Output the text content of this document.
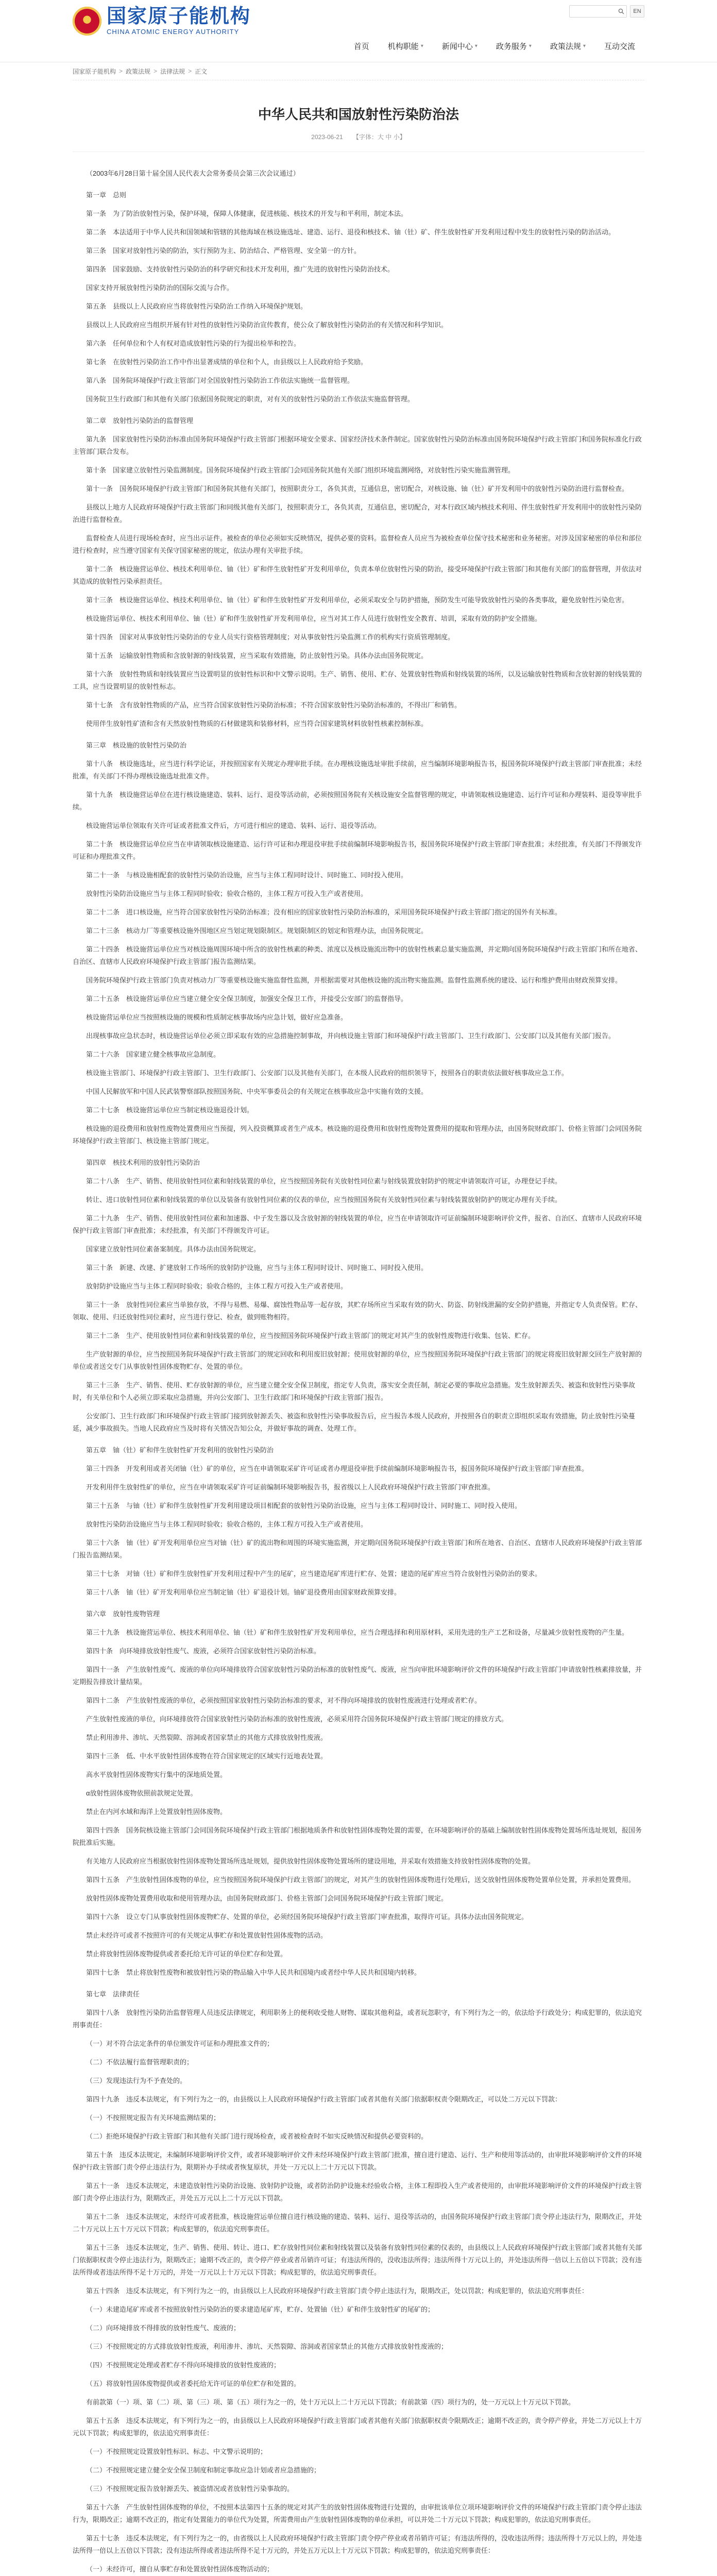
国家原子能机构
CHINA ATOMIC ENERGY AUTHORITY
EN
首页 机构职能 ▾ 新闻中心 ▾ 政务服务 ▾ 政策法规 ▾ 互动交流
国家原子能机构 > 政策法规 > 法律法规 > 正文
中华人民共和国放射性污染防治法
2023-06-21 【字体：大 中 小】

（2003年6月28日第十届全国人民代表大会常务委员会第三次会议通过）

第一章　总则

第一条　为了防治放射性污染，保护环境，保障人体健康，促进核能、核技术的开发与和平利用，制定本法。

第二条　本法适用于中华人民共和国领域和管辖的其他海域在核设施选址、建造、运行、退役和核技术、铀（钍）矿、伴生放射性矿开发利用过程中发生的放射性污染的防治活动。

第三条　国家对放射性污染的防治，实行预防为主、防治结合、严格管理、安全第一的方针。

第四条　国家鼓励、支持放射性污染防治的科学研究和技术开发利用，推广先进的放射性污染防治技术。

国家支持开展放射性污染防治的国际交流与合作。

第五条　县级以上人民政府应当将放射性污染防治工作纳入环境保护规划。

县级以上人民政府应当组织开展有针对性的放射性污染防治宣传教育，使公众了解放射性污染防治的有关情况和科学知识。

第六条　任何单位和个人有权对造成放射性污染的行为提出检举和控告。

第七条　在放射性污染防治工作中作出显著成绩的单位和个人，由县级以上人民政府给予奖励。

第八条　国务院环境保护行政主管部门对全国放射性污染防治工作依法实施统一监督管理。

国务院卫生行政部门和其他有关部门依据国务院规定的职责，对有关的放射性污染防治工作依法实施监督管理。

第二章　放射性污染防治的监督管理

第九条　国家放射性污染防治标准由国务院环境保护行政主管部门根据环境安全要求、国家经济技术条件制定。国家放射性污染防治标准由国务院环境保护行政主管部门和国务院标准化行政主管部门联合发布。

第十条　国家建立放射性污染监测制度。国务院环境保护行政主管部门会同国务院其他有关部门组织环境监测网络，对放射性污染实施监测管理。

第十一条　国务院环境保护行政主管部门和国务院其他有关部门，按照职责分工，各负其责，互通信息，密切配合，对核设施、铀（钍）矿开发利用中的放射性污染防治进行监督检查。

县级以上地方人民政府环境保护行政主管部门和同级其他有关部门，按照职责分工，各负其责，互通信息，密切配合，对本行政区域内核技术利用、伴生放射性矿开发利用中的放射性污染防治进行监督检查。

监督检查人员进行现场检查时，应当出示证件。被检查的单位必须如实反映情况，提供必要的资料。监督检查人员应当为被检查单位保守技术秘密和业务秘密。对涉及国家秘密的单位和部位进行检查时，应当遵守国家有关保守国家秘密的规定，依法办理有关审批手续。

第十二条　核设施营运单位、核技术利用单位、铀（钍）矿和伴生放射性矿开发利用单位，负责本单位放射性污染的防治，接受环境保护行政主管部门和其他有关部门的监督管理，并依法对其造成的放射性污染承担责任。

第十三条　核设施营运单位、核技术利用单位、铀（钍）矿和伴生放射性矿开发利用单位，必须采取安全与防护措施，预防发生可能导致放射性污染的各类事故，避免放射性污染危害。

核设施营运单位、核技术利用单位、铀（钍）矿和伴生放射性矿开发利用单位，应当对其工作人员进行放射性安全教育、培训，采取有效的防护安全措施。

第十四条　国家对从事放射性污染防治的专业人员实行资格管理制度；对从事放射性污染监测工作的机构实行资质管理制度。

第十五条　运输放射性物质和含放射源的射线装置，应当采取有效措施，防止放射性污染。具体办法由国务院规定。

第十六条　放射性物质和射线装置应当设置明显的放射性标识和中文警示说明。生产、销售、使用、贮存、处置放射性物质和射线装置的场所，以及运输放射性物质和含放射源的射线装置的工具，应当设置明显的放射性标志。

第十七条　含有放射性物质的产品，应当符合国家放射性污染防治标准；不符合国家放射性污染防治标准的，不得出厂和销售。

使用伴生放射性矿渣和含有天然放射性物质的石材做建筑和装修材料，应当符合国家建筑材料放射性核素控制标准。

第三章　核设施的放射性污染防治

第十八条　核设施选址，应当进行科学论证，并按照国家有关规定办理审批手续。在办理核设施选址审批手续前，应当编制环境影响报告书，报国务院环境保护行政主管部门审查批准；未经批准，有关部门不得办理核设施选址批准文件。

第十九条　核设施营运单位在进行核设施建造、装料、运行、退役等活动前，必须按照国务院有关核设施安全监督管理的规定，申请领取核设施建造、运行许可证和办理装料、退役等审批手续。

核设施营运单位领取有关许可证或者批准文件后，方可进行相应的建造、装料、运行、退役等活动。

第二十条　核设施营运单位应当在申请领取核设施建造、运行许可证和办理退役审批手续前编制环境影响报告书，报国务院环境保护行政主管部门审查批准；未经批准，有关部门不得颁发许可证和办理批准文件。

第二十一条　与核设施相配套的放射性污染防治设施，应当与主体工程同时设计、同时施工、同时投入使用。

放射性污染防治设施应当与主体工程同时验收；验收合格的，主体工程方可投入生产或者使用。

第二十二条　进口核设施，应当符合国家放射性污染防治标准；没有相应的国家放射性污染防治标准的，采用国务院环境保护行政主管部门指定的国外有关标准。

第二十三条　核动力厂等重要核设施外围地区应当划定规划限制区。规划限制区的划定和管理办法，由国务院规定。

第二十四条　核设施营运单位应当对核设施周围环境中所含的放射性核素的种类、浓度以及核设施流出物中的放射性核素总量实施监测，并定期向国务院环境保护行政主管部门和所在地省、自治区、直辖市人民政府环境保护行政主管部门报告监测结果。

国务院环境保护行政主管部门负责对核动力厂等重要核设施实施监督性监测，并根据需要对其他核设施的流出物实施监测。监督性监测系统的建设、运行和维护费用由财政预算安排。

第二十五条　核设施营运单位应当建立健全安全保卫制度，加强安全保卫工作，并接受公安部门的监督指导。

核设施营运单位应当按照核设施的规模和性质制定核事故场内应急计划，做好应急准备。

出现核事故应急状态时，核设施营运单位必须立即采取有效的应急措施控制事故，并向核设施主管部门和环境保护行政主管部门、卫生行政部门、公安部门以及其他有关部门报告。

第二十六条　国家建立健全核事故应急制度。

核设施主管部门、环境保护行政主管部门、卫生行政部门、公安部门以及其他有关部门，在本级人民政府的组织领导下，按照各自的职责依法做好核事故应急工作。

中国人民解放军和中国人民武装警察部队按照国务院、中央军事委员会的有关规定在核事故应急中实施有效的支援。

第二十七条　核设施营运单位应当制定核设施退役计划。

核设施的退役费用和放射性废物处置费用应当预提，列入投资概算或者生产成本。核设施的退役费用和放射性废物处置费用的提取和管理办法，由国务院财政部门、价格主管部门会同国务院环境保护行政主管部门、核设施主管部门规定。

第四章　核技术利用的放射性污染防治

第二十八条　生产、销售、使用放射性同位素和射线装置的单位，应当按照国务院有关放射性同位素与射线装置放射防护的规定申请领取许可证，办理登记手续。

转让、进口放射性同位素和射线装置的单位以及装备有放射性同位素的仪表的单位，应当按照国务院有关放射性同位素与射线装置放射防护的规定办理有关手续。

第二十九条　生产、销售、使用放射性同位素和加速器、中子发生器以及含放射源的射线装置的单位，应当在申请领取许可证前编制环境影响评价文件，报省、自治区、直辖市人民政府环境保护行政主管部门审查批准；未经批准，有关部门不得颁发许可证。

国家建立放射性同位素备案制度。具体办法由国务院规定。

第三十条　新建、改建、扩建放射工作场所的放射防护设施，应当与主体工程同时设计、同时施工、同时投入使用。

放射防护设施应当与主体工程同时验收；验收合格的，主体工程方可投入生产或者使用。

第三十一条　放射性同位素应当单独存放，不得与易燃、易爆、腐蚀性物品等一起存放，其贮存场所应当采取有效的防火、防盗、防射线泄漏的安全防护措施，并指定专人负责保管。贮存、领取、使用、归还放射性同位素时，应当进行登记、检查，做到账物相符。

第三十二条　生产、使用放射性同位素和射线装置的单位，应当按照国务院环境保护行政主管部门的规定对其产生的放射性废物进行收集、包装、贮存。

生产放射源的单位，应当按照国务院环境保护行政主管部门的规定回收和利用废旧放射源；使用放射源的单位，应当按照国务院环境保护行政主管部门的规定将废旧放射源交回生产放射源的单位或者送交专门从事放射性固体废物贮存、处置的单位。

第三十三条　生产、销售、使用、贮存放射源的单位，应当建立健全安全保卫制度，指定专人负责，落实安全责任制，制定必要的事故应急措施。发生放射源丢失、被盗和放射性污染事故时，有关单位和个人必须立即采取应急措施，并向公安部门、卫生行政部门和环境保护行政主管部门报告。

公安部门、卫生行政部门和环境保护行政主管部门接到放射源丢失、被盗和放射性污染事故报告后，应当报告本级人民政府，并按照各自的职责立即组织采取有效措施，防止放射性污染蔓延，减少事故损失。当地人民政府应当及时将有关情况告知公众，并做好事故的调查、处理工作。

第五章　铀（钍）矿和伴生放射性矿开发利用的放射性污染防治

第三十四条　开发利用或者关闭铀（钍）矿的单位，应当在申请领取采矿许可证或者办理退役审批手续前编制环境影响报告书，报国务院环境保护行政主管部门审查批准。

开发利用伴生放射性矿的单位，应当在申请领取采矿许可证前编制环境影响报告书，报省级以上人民政府环境保护行政主管部门审查批准。

第三十五条　与铀（钍）矿和伴生放射性矿开发利用建设项目相配套的放射性污染防治设施，应当与主体工程同时设计、同时施工、同时投入使用。

放射性污染防治设施应当与主体工程同时验收；验收合格的，主体工程方可投入生产或者使用。

第三十六条　铀（钍）矿开发利用单位应当对铀（钍）矿的流出物和周围的环境实施监测，并定期向国务院环境保护行政主管部门和所在地省、自治区、直辖市人民政府环境保护行政主管部门报告监测结果。

第三十七条　对铀（钍）矿和伴生放射性矿开发利用过程中产生的尾矿，应当建造尾矿库进行贮存、处置；建造的尾矿库应当符合放射性污染防治的要求。

第三十八条　铀（钍）矿开发利用单位应当制定铀（钍）矿退役计划。铀矿退役费用由国家财政预算安排。

第六章　放射性废物管理

第三十九条　核设施营运单位、核技术利用单位、铀（钍）矿和伴生放射性矿开发利用单位，应当合理选择和利用原材料，采用先进的生产工艺和设备，尽量减少放射性废物的产生量。

第四十条　向环境排放放射性废气、废液，必须符合国家放射性污染防治标准。

第四十一条　产生放射性废气、废液的单位向环境排放符合国家放射性污染防治标准的放射性废气、废液，应当向审批环境影响评价文件的环境保护行政主管部门申请放射性核素排放量，并定期报告排放计量结果。

第四十二条　产生放射性废液的单位，必须按照国家放射性污染防治标准的要求，对不得向环境排放的放射性废液进行处理或者贮存。

产生放射性废液的单位，向环境排放符合国家放射性污染防治标准的放射性废液，必须采用符合国务院环境保护行政主管部门规定的排放方式。

禁止利用渗井、渗坑、天然裂隙、溶洞或者国家禁止的其他方式排放放射性废液。

第四十三条　低、中水平放射性固体废物在符合国家规定的区域实行近地表处置。

高水平放射性固体废物实行集中的深地质处置。

α放射性固体废物依照前款规定处置。

禁止在内河水域和海洋上处置放射性固体废物。

第四十四条　国务院核设施主管部门会同国务院环境保护行政主管部门根据地质条件和放射性固体废物处置的需要，在环境影响评价的基础上编制放射性固体废物处置场所选址规划，报国务院批准后实施。

有关地方人民政府应当根据放射性固体废物处置场所选址规划，提供放射性固体废物处置场所的建设用地，并采取有效措施支持放射性固体废物的处置。

第四十五条　产生放射性固体废物的单位，应当按照国务院环境保护行政主管部门的规定，对其产生的放射性固体废物进行处理后，送交放射性固体废物处置单位处置，并承担处置费用。

放射性固体废物处置费用收取和使用管理办法，由国务院财政部门、价格主管部门会同国务院环境保护行政主管部门规定。

第四十六条　设立专门从事放射性固体废物贮存、处置的单位，必须经国务院环境保护行政主管部门审查批准，取得许可证。具体办法由国务院规定。

禁止未经许可或者不按照许可的有关规定从事贮存和处置放射性固体废物的活动。

禁止将放射性固体废物提供或者委托给无许可证的单位贮存和处置。

第四十七条　禁止将放射性废物和被放射性污染的物品输入中华人民共和国境内或者经中华人民共和国境内转移。

第七章　法律责任

第四十八条　放射性污染防治监督管理人员违反法律规定，利用职务上的便利收受他人财物、谋取其他利益，或者玩忽职守，有下列行为之一的，依法给予行政处分；构成犯罪的，依法追究刑事责任：

（一）对不符合法定条件的单位颁发许可证和办理批准文件的；

（二）不依法履行监督管理职责的；

（三）发现违法行为不予查处的。

第四十九条　违反本法规定，有下列行为之一的，由县级以上人民政府环境保护行政主管部门或者其他有关部门依据职权责令限期改正，可以处二万元以下罚款：

（一）不按照规定报告有关环境监测结果的；

（二）拒绝环境保护行政主管部门和其他有关部门进行现场检查，或者被检查时不如实反映情况和提供必要资料的。

第五十条　违反本法规定，未编制环境影响评价文件，或者环境影响评价文件未经环境保护行政主管部门批准，擅自进行建造、运行、生产和使用等活动的，由审批环境影响评价文件的环境保护行政主管部门责令停止违法行为，限期补办手续或者恢复原状，并处一万元以上二十万元以下罚款。

第五十一条　违反本法规定，未建造放射性污染防治设施、放射防护设施，或者防治防护设施未经验收合格，主体工程即投入生产或者使用的，由审批环境影响评价文件的环境保护行政主管部门责令停止违法行为，限期改正，并处五万元以上二十万元以下罚款。

第五十二条　违反本法规定，未经许可或者批准，核设施营运单位擅自进行核设施的建造、装料、运行、退役等活动的，由国务院环境保护行政主管部门责令停止违法行为，限期改正，并处二十万元以上五十万元以下罚款；构成犯罪的，依法追究刑事责任。

第五十三条　违反本法规定，生产、销售、使用、转让、进口、贮存放射性同位素和射线装置以及装备有放射性同位素的仪表的，由县级以上人民政府环境保护行政主管部门或者其他有关部门依据职权责令停止违法行为，限期改正；逾期不改正的，责令停产停业或者吊销许可证；有违法所得的，没收违法所得；违法所得十万元以上的，并处违法所得一倍以上五倍以下罚款；没有违法所得或者违法所得不足十万元的，并处一万元以上十万元以下罚款；构成犯罪的，依法追究刑事责任。

第五十四条　违反本法规定，有下列行为之一的，由县级以上人民政府环境保护行政主管部门责令停止违法行为，限期改正，处以罚款；构成犯罪的，依法追究刑事责任：

（一）未建造尾矿库或者不按照放射性污染防治的要求建造尾矿库，贮存、处置铀（钍）矿和伴生放射性矿的尾矿的；

（二）向环境排放不得排放的放射性废气、废液的；

（三）不按照规定的方式排放放射性废液，利用渗井、渗坑、天然裂隙、溶洞或者国家禁止的其他方式排放放射性废液的；

（四）不按照规定处理或者贮存不得向环境排放的放射性废液的；

（五）将放射性固体废物提供或者委托给无许可证的单位贮存和处置的。

有前款第（一）项、第（二）项、第（三）项、第（五）项行为之一的，处十万元以上二十万元以下罚款；有前款第（四）项行为的，处一万元以上十万元以下罚款。

第五十五条　违反本法规定，有下列行为之一的，由县级以上人民政府环境保护行政主管部门或者其他有关部门依据职权责令限期改正；逾期不改正的，责令停产停业，并处二万元以上十万元以下罚款；构成犯罪的，依法追究刑事责任：

（一）不按照规定设置放射性标识、标志、中文警示说明的；

（二）不按照规定建立健全安全保卫制度和制定事故应急计划或者应急措施的；

（三）不按照规定报告放射源丢失、被盗情况或者放射性污染事故的。

第五十六条　产生放射性固体废物的单位，不按照本法第四十五条的规定对其产生的放射性固体废物进行处置的，由审批该单位立项环境影响评价文件的环境保护行政主管部门责令停止违法行为，限期改正；逾期不改正的，指定有处置能力的单位代为处置，所需费用由产生放射性固体废物的单位承担，可以并处二十万元以下罚款；构成犯罪的，依法追究刑事责任。

第五十七条　违反本法规定，有下列行为之一的，由省级以上人民政府环境保护行政主管部门责令停产停业或者吊销许可证；有违法所得的，没收违法所得；违法所得十万元以上的，并处违法所得一倍以上五倍以下罚款；没有违法所得或者违法所得不足十万元的，并处五万元以上十万元以下罚款；构成犯罪的，依法追究刑事责任：

（一）未经许可，擅自从事贮存和处置放射性固体废物活动的；
